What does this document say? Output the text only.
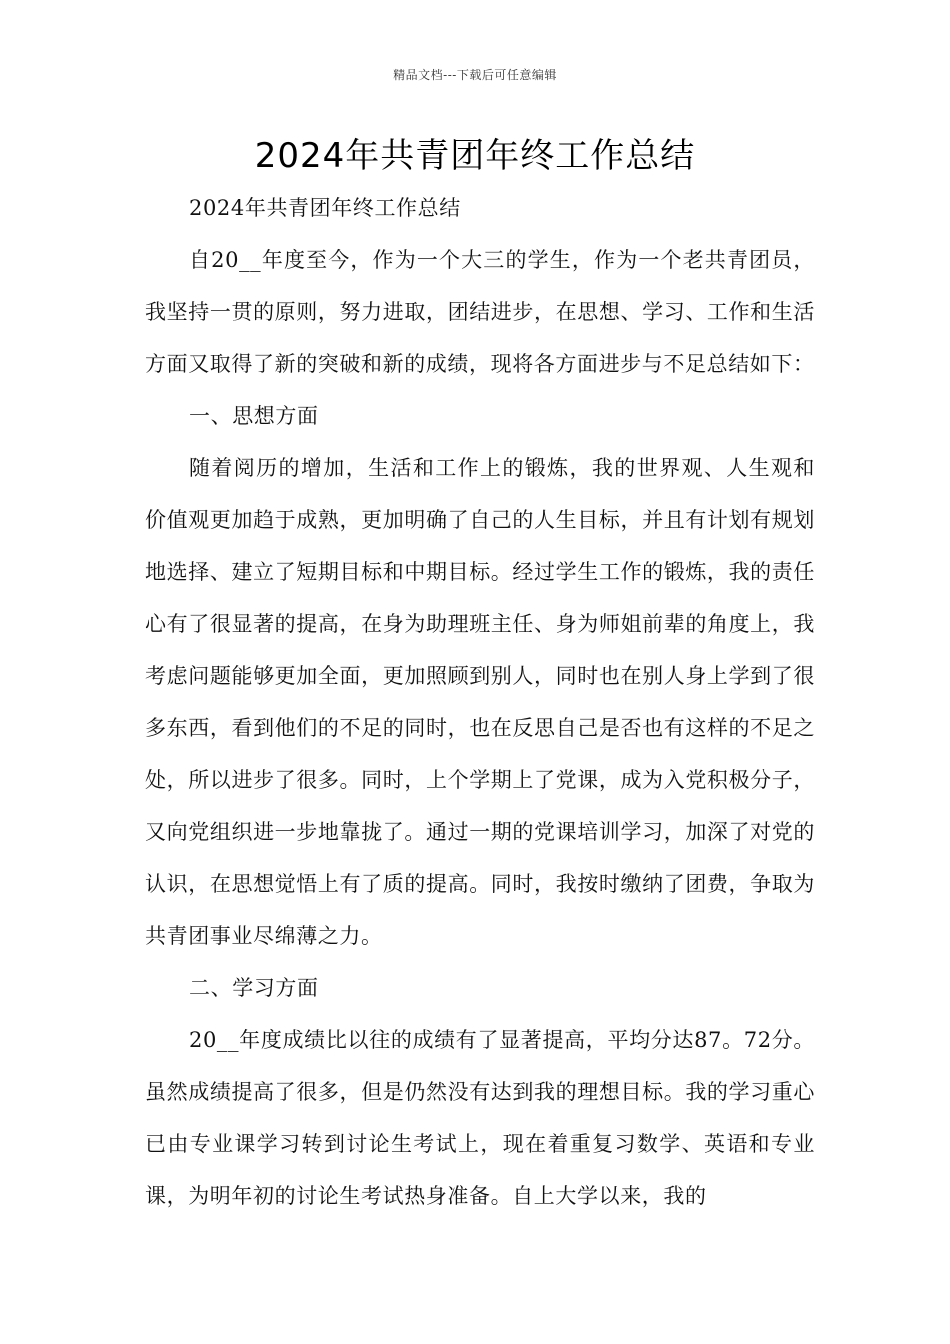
精品文档---下载后可任意编辑
2024年共青团年终工作总结

2024年共青团年终工作总结

自20__年度至今，作为一个大三的学生，作为一个老共青团员，我坚持一贯的原则，努力进取，团结进步，在思想、学习、工作和生活方面又取得了新的突破和新的成绩，现将各方面进步与不足总结如下：

一、思想方面

随着阅历的增加，生活和工作上的锻炼，我的世界观、人生观和价值观更加趋于成熟，更加明确了自己的人生目标，并且有计划有规划地选择、建立了短期目标和中期目标。经过学生工作的锻炼，我的责任心有了很显著的提高，在身为助理班主任、身为师姐前辈的角度上，我考虑问题能够更加全面，更加照顾到别人，同时也在别人身上学到了很多东西，看到他们的不足的同时，也在反思自己是否也有这样的不足之处，所以进步了很多。同时，上个学期上了党课，成为入党积极分子，又向党组织进一步地靠拢了。通过一期的党课培训学习，加深了对党的认识，在思想觉悟上有了质的提高。同时，我按时缴纳了团费，争取为共青团事业尽绵薄之力。

二、学习方面

20__年度成绩比以往的成绩有了显著提高，平均分达87。72分。虽然成绩提高了很多，但是仍然没有达到我的理想目标。我的学习重心已由专业课学习转到讨论生考试上，现在着重复习数学、英语和专业课，为明年初的讨论生考试热身准备。自上大学以来，我的
